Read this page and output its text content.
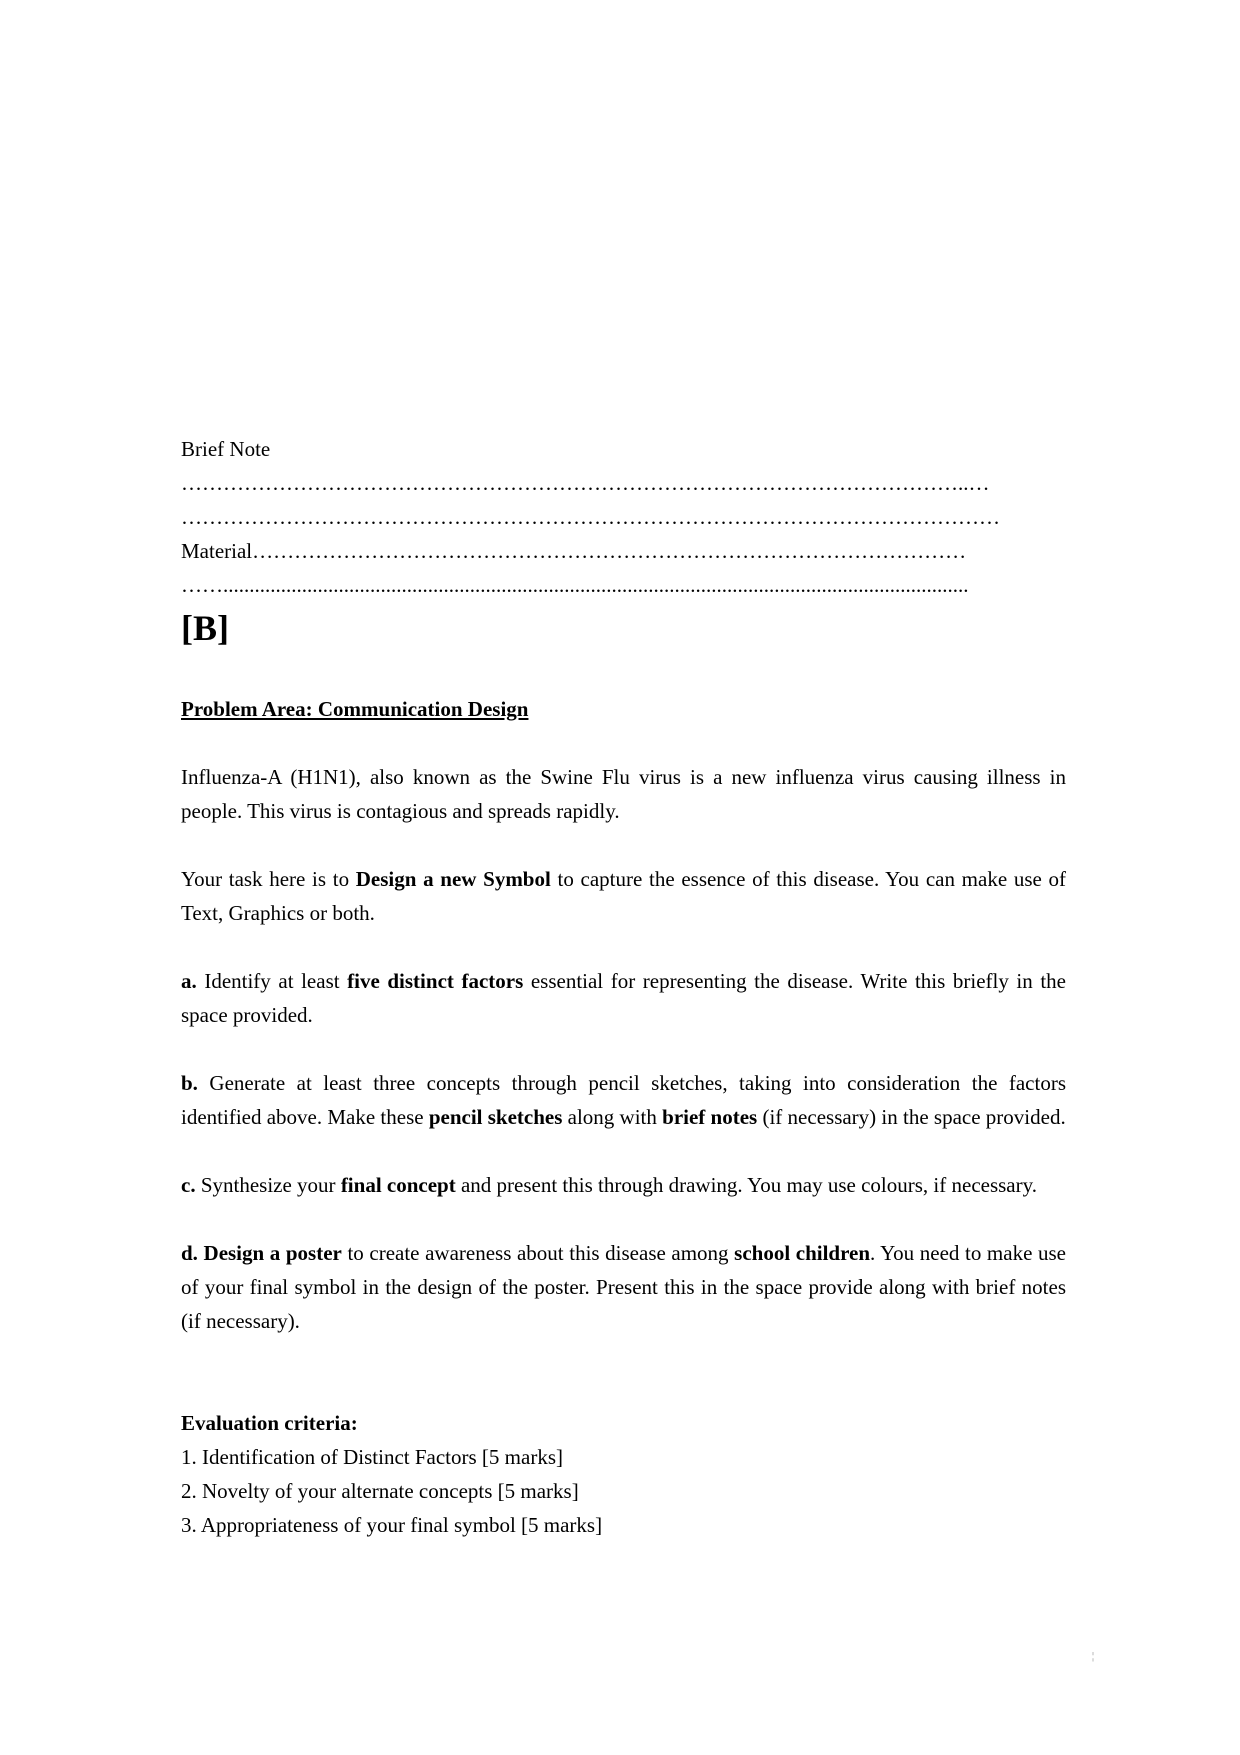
Brief Note
…………………………………………………………………………………………………..…
………………………………………………………………………………………………………
Material…………………………………………………………………………………………
……..............................................................................................................................................
[B]
Problem Area: Communication Design

Influenza-A (H1N1), also known as the Swine Flu virus is a new influenza virus causing illness in people. This virus is contagious and spreads rapidly.

Your task here is to Design a new Symbol to capture the essence of this disease. You can make use of Text, Graphics or both.

a. Identify at least five distinct factors essential for representing the disease. Write this briefly in the space provided.

b. Generate at least three concepts through pencil sketches, taking into consideration the factors identified above. Make these pencil sketches along with brief notes (if necessary) in the space provided.

c. Synthesize your final concept and present this through drawing. You may use colours, if necessary.

d. Design a poster to create awareness about this disease among school children. You need to make use of your final symbol in the design of the poster. Present this in the space provide along with brief notes (if necessary).

Evaluation criteria:
1. Identification of Distinct Factors [5 marks]
2. Novelty of your alternate concepts [5 marks]
3. Appropriateness of your final symbol [5 marks]
¦
